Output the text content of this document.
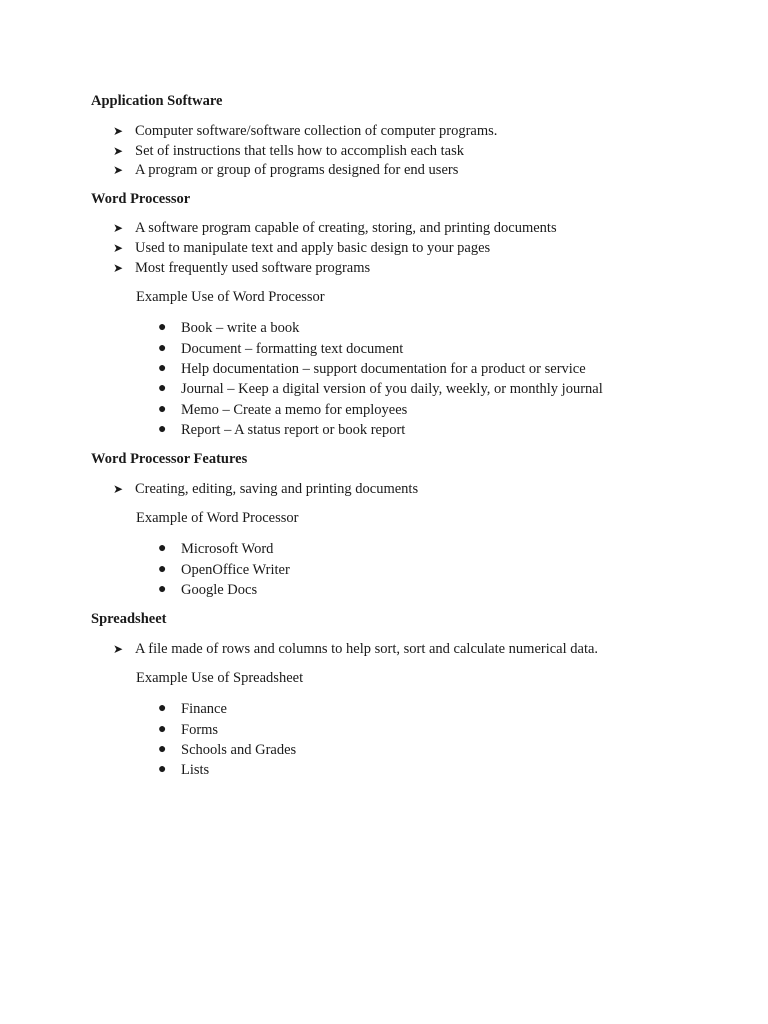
Application Software
➤ Computer software/software collection of computer programs.
➤ Set of instructions that tells how to accomplish each task
➤ A program or group of programs designed for end users
Word Processor
➤ A software program capable of creating, storing, and printing documents
➤ Used to manipulate text and apply basic design to your pages
➤ Most frequently used software programs
Example Use of Word Processor
● Book – write a book
● Document – formatting text document
● Help documentation – support documentation for a product or service
● Journal – Keep a digital version of you daily, weekly, or monthly journal
● Memo – Create a memo for employees
● Report – A status report or book report
Word Processor Features
➤ Creating, editing, saving and printing documents
Example of Word Processor
● Microsoft Word
● OpenOffice Writer
● Google Docs
Spreadsheet
➤ A file made of rows and columns to help sort, sort and calculate numerical data.
Example Use of Spreadsheet
● Finance
● Forms
● Schools and Grades
● Lists
